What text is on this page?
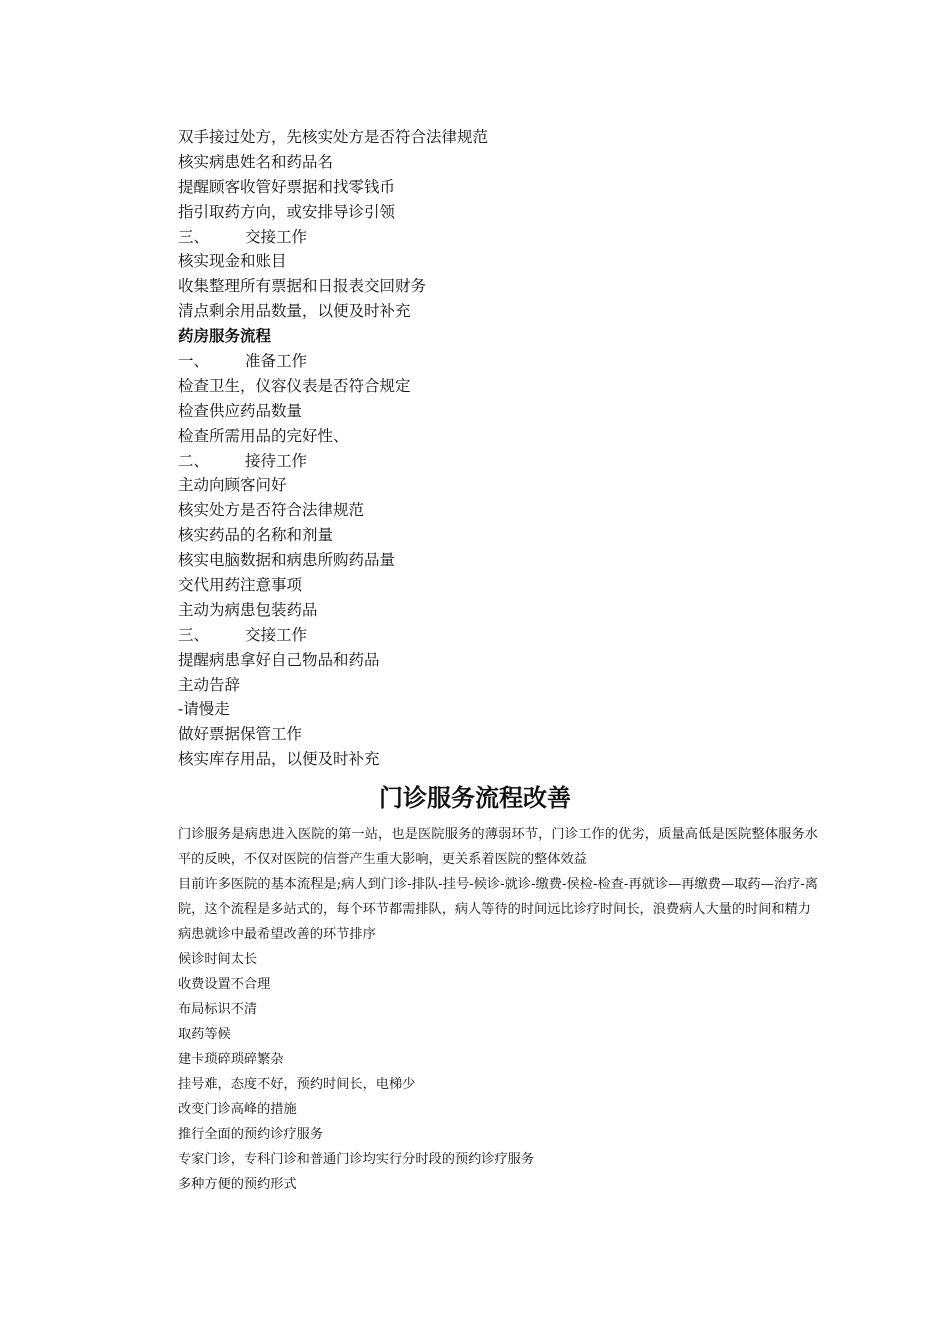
双手接过处方，先核实处方是否符合法律规范
核实病患姓名和药品名
提醒顾客收管好票据和找零钱币
指引取药方向，或安排导诊引领
三、 交接工作
核实现金和账目
收集整理所有票据和日报表交回财务
清点剩余用品数量，以便及时补充
药房服务流程
一、 准备工作
检查卫生，仪容仪表是否符合规定
检查供应药品数量
检查所需用品的完好性、
二、 接待工作
主动向顾客问好
核实处方是否符合法律规范
核实药品的名称和剂量
核实电脑数据和病患所购药品量
交代用药注意事项
主动为病患包装药品
三、 交接工作
提醒病患拿好自己物品和药品
主动告辞
-请慢走
做好票据保管工作
核实库存用品，以便及时补充
门诊服务流程改善
门诊服务是病患进入医院的第一站，也是医院服务的薄弱环节，门诊工作的优劣，质量高低是医院整体服务水平的反映，不仅对医院的信誉产生重大影响，更关系着医院的整体效益
目前许多医院的基本流程是;病人到门诊-排队-挂号-候诊-就诊-缴费-侯检-检查-再就诊—再缴费—取药—治疗-离院，这个流程是多站式的，每个环节都需排队，病人等待的时间远比诊疗时间长，浪费病人大量的时间和精力
病患就诊中最希望改善的环节排序
候诊时间太长
收费设置不合理
布局标识不清
取药等候
建卡琐碎琐碎繁杂
挂号难，态度不好，预约时间长，电梯少
改变门诊高峰的措施
推行全面的预约诊疗服务
专家门诊，专科门诊和普通门诊均实行分时段的预约诊疗服务
多种方便的预约形式
